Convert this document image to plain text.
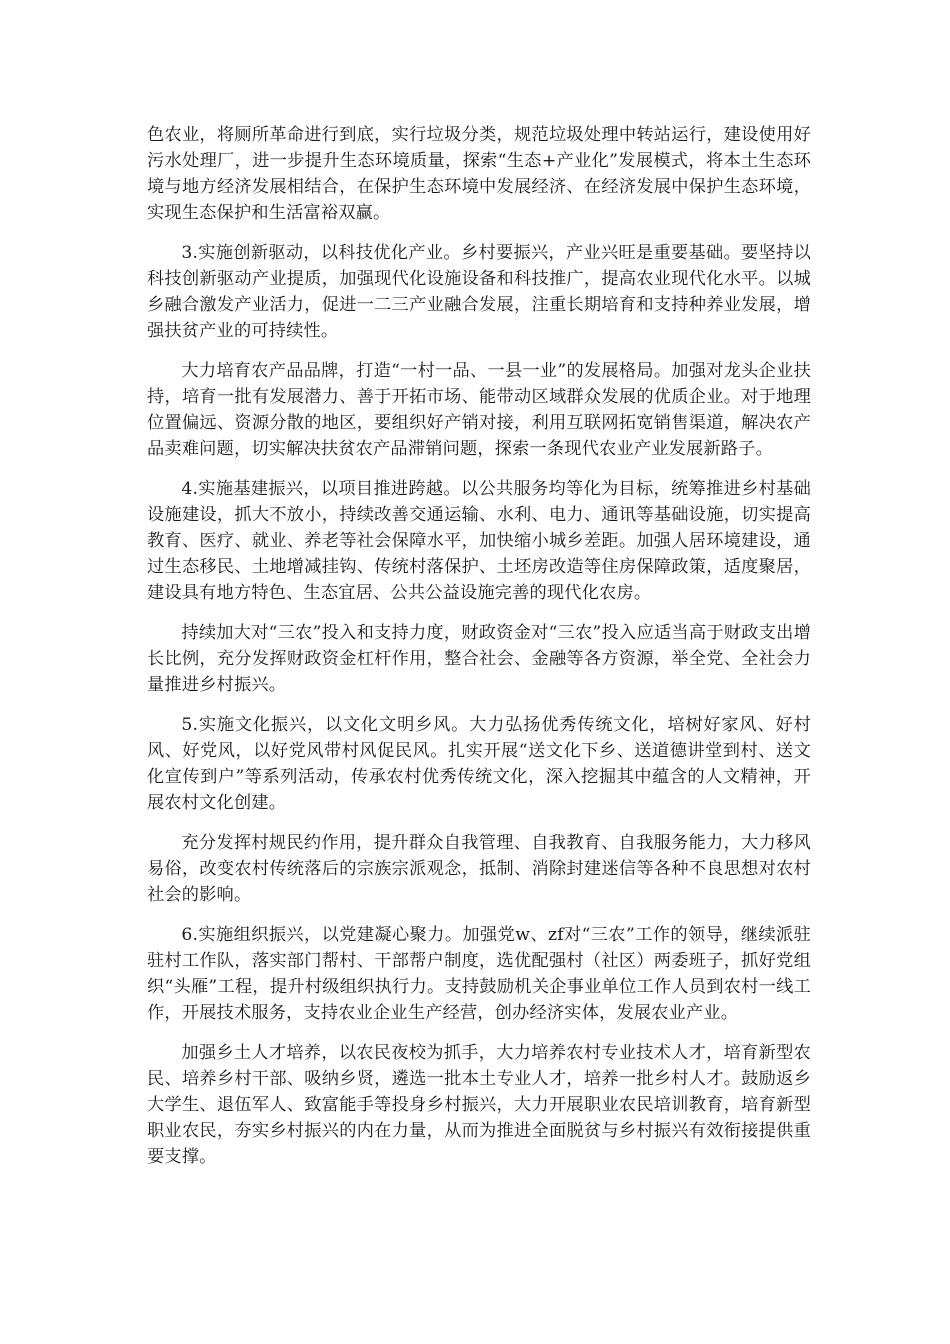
色农业，将厕所革命进行到底，实行垃圾分类，规范垃圾处理中转站运行，建设使用好污水处理厂，进一步提升生态环境质量，探索“生态+产业化”发展模式，将本土生态环境与地方经济发展相结合，在保护生态环境中发展经济、在经济发展中保护生态环境，实现生态保护和生活富裕双赢。

3.实施创新驱动，以科技优化产业。乡村要振兴，产业兴旺是重要基础。要坚持以科技创新驱动产业提质，加强现代化设施设备和科技推广，提高农业现代化水平。以城乡融合激发产业活力，促进一二三产业融合发展，注重长期培育和支持种养业发展，增强扶贫产业的可持续性。

大力培育农产品品牌，打造“一村一品、一县一业”的发展格局。加强对龙头企业扶持，培育一批有发展潜力、善于开拓市场、能带动区域群众发展的优质企业。对于地理位置偏远、资源分散的地区，要组织好产销对接，利用互联网拓宽销售渠道，解决农产品卖难问题，切实解决扶贫农产品滞销问题，探索一条现代农业产业发展新路子。

4.实施基建振兴，以项目推进跨越。以公共服务均等化为目标，统筹推进乡村基础设施建设，抓大不放小，持续改善交通运输、水利、电力、通讯等基础设施，切实提高教育、医疗、就业、养老等社会保障水平，加快缩小城乡差距。加强人居环境建设，通过生态移民、土地增减挂钩、传统村落保护、土坯房改造等住房保障政策，适度聚居，建设具有地方特色、生态宜居、公共公益设施完善的现代化农房。

持续加大对“三农”投入和支持力度，财政资金对“三农”投入应适当高于财政支出增长比例，充分发挥财政资金杠杆作用，整合社会、金融等各方资源，举全党、全社会力量推进乡村振兴。

5.实施文化振兴，以文化文明乡风。大力弘扬优秀传统文化，培树好家风、好村风、好党风，以好党风带村风促民风。扎实开展“送文化下乡、送道德讲堂到村、送文化宣传到户”等系列活动，传承农村优秀传统文化，深入挖掘其中蕴含的人文精神，开展农村文化创建。

充分发挥村规民约作用，提升群众自我管理、自我教育、自我服务能力，大力移风易俗，改变农村传统落后的宗族宗派观念，抵制、消除封建迷信等各种不良思想对农村社会的影响。

6.实施组织振兴，以党建凝心聚力。加强党w、zf对“三农”工作的领导，继续派驻驻村工作队，落实部门帮村、干部帮户制度，选优配强村（社区）两委班子，抓好党组织“头雁”工程，提升村级组织执行力。支持鼓励机关企事业单位工作人员到农村一线工作，开展技术服务，支持农业企业生产经营，创办经济实体，发展农业产业。

加强乡土人才培养，以农民夜校为抓手，大力培养农村专业技术人才，培育新型农民、培养乡村干部、吸纳乡贤，遴选一批本土专业人才，培养一批乡村人才。鼓励返乡大学生、退伍军人、致富能手等投身乡村振兴，大力开展职业农民培训教育，培育新型职业农民，夯实乡村振兴的内在力量，从而为推进全面脱贫与乡村振兴有效衔接提供重要支撑。
